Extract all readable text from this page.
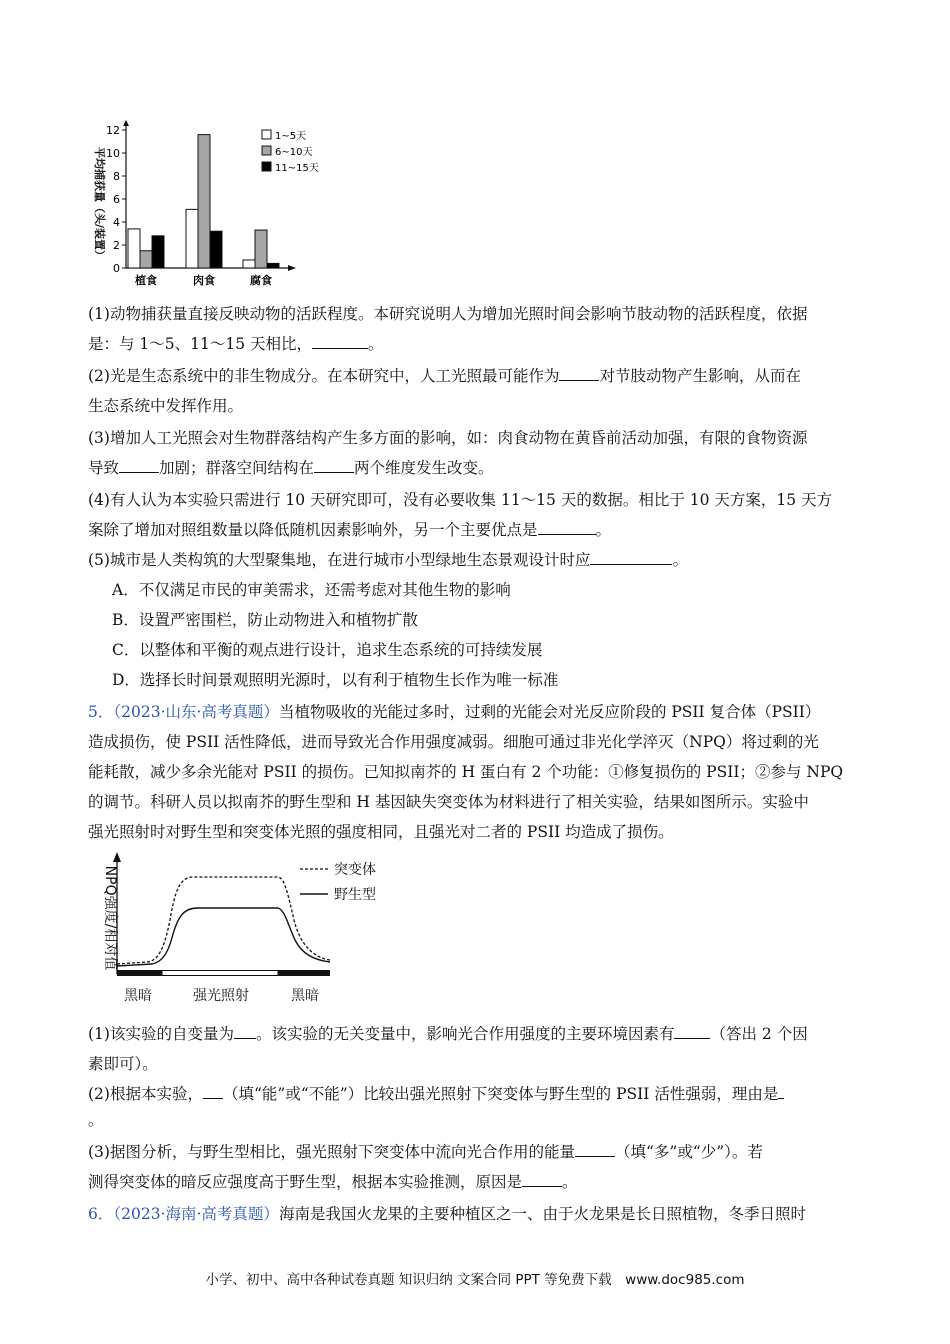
平均捕获量（头/装置）
0
2
4
6
8
10
12
植食	肉食	腐食
1~5天
6~10天
11~15天
(1)动物捕获量直接反映动物的活跃程度。本研究说明人为增加光照时间会影响节肢动物的活跃程度，依据
是：与 1～5、11～15 天相比，	。
(2)光是生态系统中的非生物成分。在本研究中，人工光照最可能作为	对节肢动物产生影响，从而在
生态系统中发挥作用。
(3)增加人工光照会对生物群落结构产生多方面的影响，如：肉食动物在黄昏前活动加强，有限的食物资源
导致	加剧；群落空间结构在	两个维度发生改变。
(4)有人认为本实验只需进行 10 天研究即可，没有必要收集 11～15 天的数据。相比于 10 天方案，15 天方
案除了增加对照组数量以降低随机因素影响外，另一个主要优点是	。
(5)城市是人类构筑的大型聚集地，在进行城市小型绿地生态景观设计时应	。
A．不仅满足市民的审美需求，还需考虑对其他生物的影响
B．设置严密围栏，防止动物进入和植物扩散
C．以整体和平衡的观点进行设计，追求生态系统的可持续发展
D．选择长时间景观照明光源时，以有利于植物生长作为唯一标准
5．（2023·山东·高考真题）当植物吸收的光能过多时，过剩的光能会对光反应阶段的 PSII 复合体（PSII）
造成损伤，使 PSII 活性降低，进而导致光合作用强度减弱。细胞可通过非光化学淬灭（NPQ）将过剩的光
能耗散，减少多余光能对 PSII 的损伤。已知拟南芥的 H 蛋白有 2 个功能：①修复损伤的 PSII；②参与 NPQ
的调节。科研人员以拟南芥的野生型和 H 基因缺失突变体为材料进行了相关实验，结果如图所示。实验中
强光照射时对野生型和突变体光照的强度相同，且强光对二者的 PSII 均造成了损伤。
NPQ强度/相对值	突变体
野生型
黑暗	强光照射	黑暗
(1)该实验的自变量为 。该实验的无关变量中，影响光合作用强度的主要环境因素有 （答出 2 个因
素即可）。
(2)根据本实验， （填“能”或“不能”）比较出强光照射下突变体与野生型的 PSII 活性强弱，理由是
。
(3)据图分析，与野生型相比，强光照射下突变体中流向光合作用的能量	（填“多”或“少”）。若
测得突变体的暗反应强度高于野生型，根据本实验推测，原因是	。
6．（2023·海南·高考真题）海南是我国火龙果的主要种植区之一、由于火龙果是长日照植物，冬季日照时
小学、初中、高中各种试卷真题 知识归纳 文案合同 PPT 等免费下载　www.doc985.com
